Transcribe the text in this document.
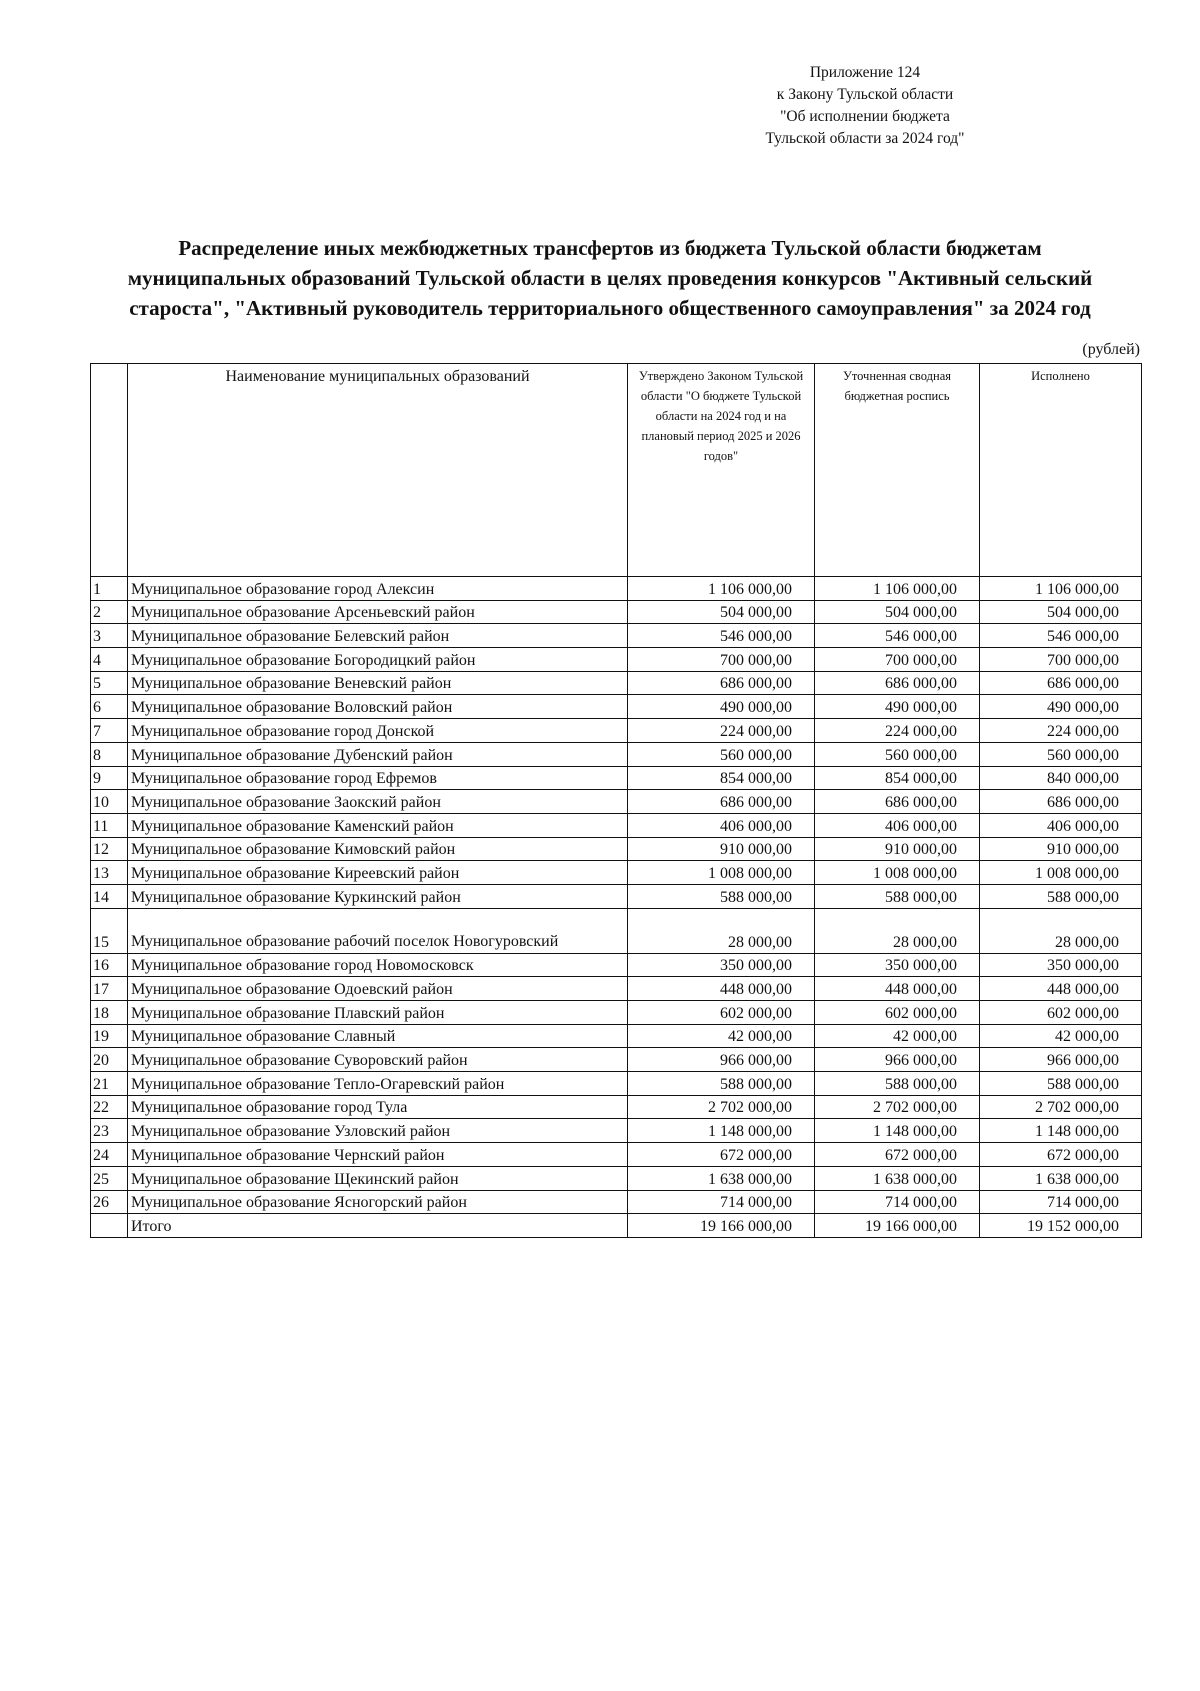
Приложение 124
к Закону Тульской области
"Об исполнении бюджета
Тульской области за 2024 год"
Распределение иных межбюджетных трансфертов из бюджета Тульской области бюджетам
муниципальных образований Тульской области в целях проведения конкурсов "Активный сельский
староста", "Активный руководитель территориального общественного самоуправления" за 2024 год
(рублей)
	Наименование муниципальных образований	Утверждено Законом Тульской области "О бюджете Тульской области на 2024 год и на плановый период 2025 и 2026 годов"	Уточненная сводная бюджетная роспись	Исполнено
1	Муниципальное образование город Алексин	1 106 000,00	1 106 000,00	1 106 000,00
2	Муниципальное образование Арсеньевский район	504 000,00	504 000,00	504 000,00
3	Муниципальное образование Белевский район	546 000,00	546 000,00	546 000,00
4	Муниципальное образование Богородицкий район	700 000,00	700 000,00	700 000,00
5	Муниципальное образование Веневский район	686 000,00	686 000,00	686 000,00
6	Муниципальное образование Воловский район	490 000,00	490 000,00	490 000,00
7	Муниципальное образование город Донской	224 000,00	224 000,00	224 000,00
8	Муниципальное образование Дубенский район	560 000,00	560 000,00	560 000,00
9	Муниципальное образование город Ефремов	854 000,00	854 000,00	840 000,00
10	Муниципальное образование Заокский район	686 000,00	686 000,00	686 000,00
11	Муниципальное образование Каменский район	406 000,00	406 000,00	406 000,00
12	Муниципальное образование Кимовский район	910 000,00	910 000,00	910 000,00
13	Муниципальное образование Киреевский район	1 008 000,00	1 008 000,00	1 008 000,00
14	Муниципальное образование Куркинский район	588 000,00	588 000,00	588 000,00
15	Муниципальное образование рабочий поселок Новогуровский	28 000,00	28 000,00	28 000,00
16	Муниципальное образование город Новомосковск	350 000,00	350 000,00	350 000,00
17	Муниципальное образование Одоевский район	448 000,00	448 000,00	448 000,00
18	Муниципальное образование Плавский район	602 000,00	602 000,00	602 000,00
19	Муниципальное образование Славный	42 000,00	42 000,00	42 000,00
20	Муниципальное образование Суворовский район	966 000,00	966 000,00	966 000,00
21	Муниципальное образование Тепло-Огаревский район	588 000,00	588 000,00	588 000,00
22	Муниципальное образование город Тула	2 702 000,00	2 702 000,00	2 702 000,00
23	Муниципальное образование Узловский район	1 148 000,00	1 148 000,00	1 148 000,00
24	Муниципальное образование Чернский район	672 000,00	672 000,00	672 000,00
25	Муниципальное образование Щекинский район	1 638 000,00	1 638 000,00	1 638 000,00
26	Муниципальное образование Ясногорский район	714 000,00	714 000,00	714 000,00
	Итого	19 166 000,00	19 166 000,00	19 152 000,00
